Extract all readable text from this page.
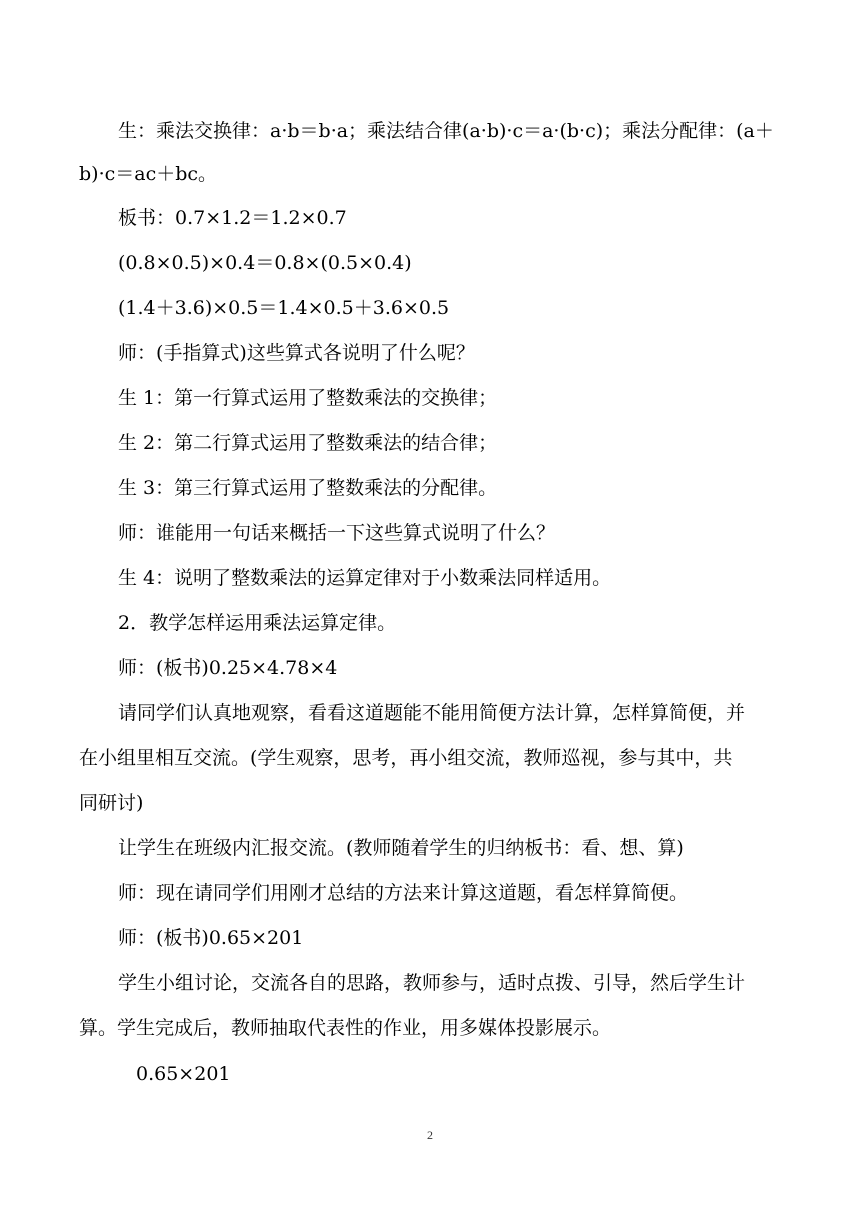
生：乘法交换律：a·b＝b·a；乘法结合律(a·b)·c＝a·(b·c)；乘法分配律：(a＋
b)·c＝ac＋bc。
板书：0.7×1.2＝1.2×0.7
(0.8×0.5)×0.4＝0.8×(0.5×0.4)
(1.4＋3.6)×0.5＝1.4×0.5＋3.6×0.5
师：(手指算式)这些算式各说明了什么呢？
生 1：第一行算式运用了整数乘法的交换律；
生 2：第二行算式运用了整数乘法的结合律；
生 3：第三行算式运用了整数乘法的分配律。
师：谁能用一句话来概括一下这些算式说明了什么？
生 4：说明了整数乘法的运算定律对于小数乘法同样适用。
2．教学怎样运用乘法运算定律。
师：(板书)0.25×4.78×4
请同学们认真地观察，看看这道题能不能用简便方法计算，怎样算简便，并
在小组里相互交流。(学生观察，思考，再小组交流，教师巡视，参与其中，共
同研讨)
让学生在班级内汇报交流。(教师随着学生的归纳板书：看、想、算)
师：现在请同学们用刚才总结的方法来计算这道题，看怎样算简便。
师：(板书)0.65×201
学生小组讨论，交流各自的思路，教师参与，适时点拨、引导，然后学生计
算。学生完成后，教师抽取代表性的作业，用多媒体投影展示。
0.65×201
2
